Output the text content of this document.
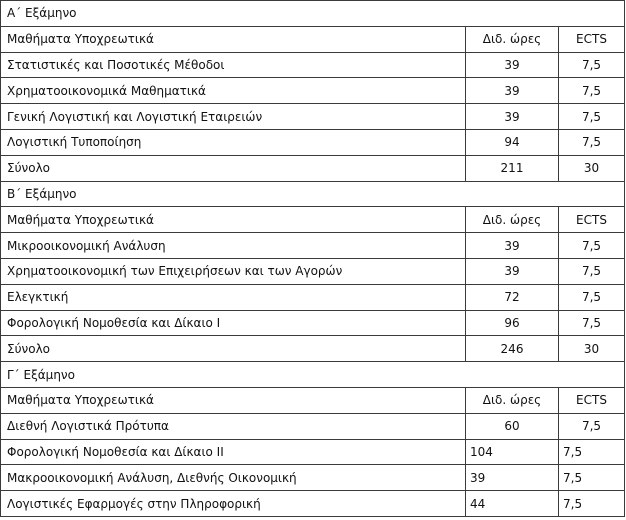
Α΄ Εξάμηνο		
Μαθήματα Υποχρεωτικά	Διδ. ώρες	ECTS
Στατιστικές και Ποσοτικές Μέθοδοι	39	7,5
Χρηματοοικονομικά Μαθηματικά	39	7,5
Γενική Λογιστική και Λογιστική Εταιρειών	39	7,5
Λογιστική Τυποποίηση	94	7,5
Σύνολο	211	30
Β΄ Εξάμηνο		
Μαθήματα Υποχρεωτικά	Διδ. ώρες	ECTS
Μικροοικονομική Ανάλυση	39	7,5
Χρηματοοικονομική των Επιχειρήσεων και των Αγορών	39	7,5
Ελεγκτική	72	7,5
Φορολογική Νομοθεσία και Δίκαιο Ι	96	7,5
Σύνολο	246	30
Γ΄ Εξάμηνο		
Μαθήματα Υποχρεωτικά	Διδ. ώρες	ECTS
Διεθνή Λογιστικά Πρότυπα	60	7,5
Φορολογική Νομοθεσία και Δίκαιο ΙΙ	104	7,5
Μακροοικονομική Ανάλυση, Διεθνής Οικονομική	39	7,5
Λογιστικές Εφαρμογές στην Πληροφορική	44	7,5
